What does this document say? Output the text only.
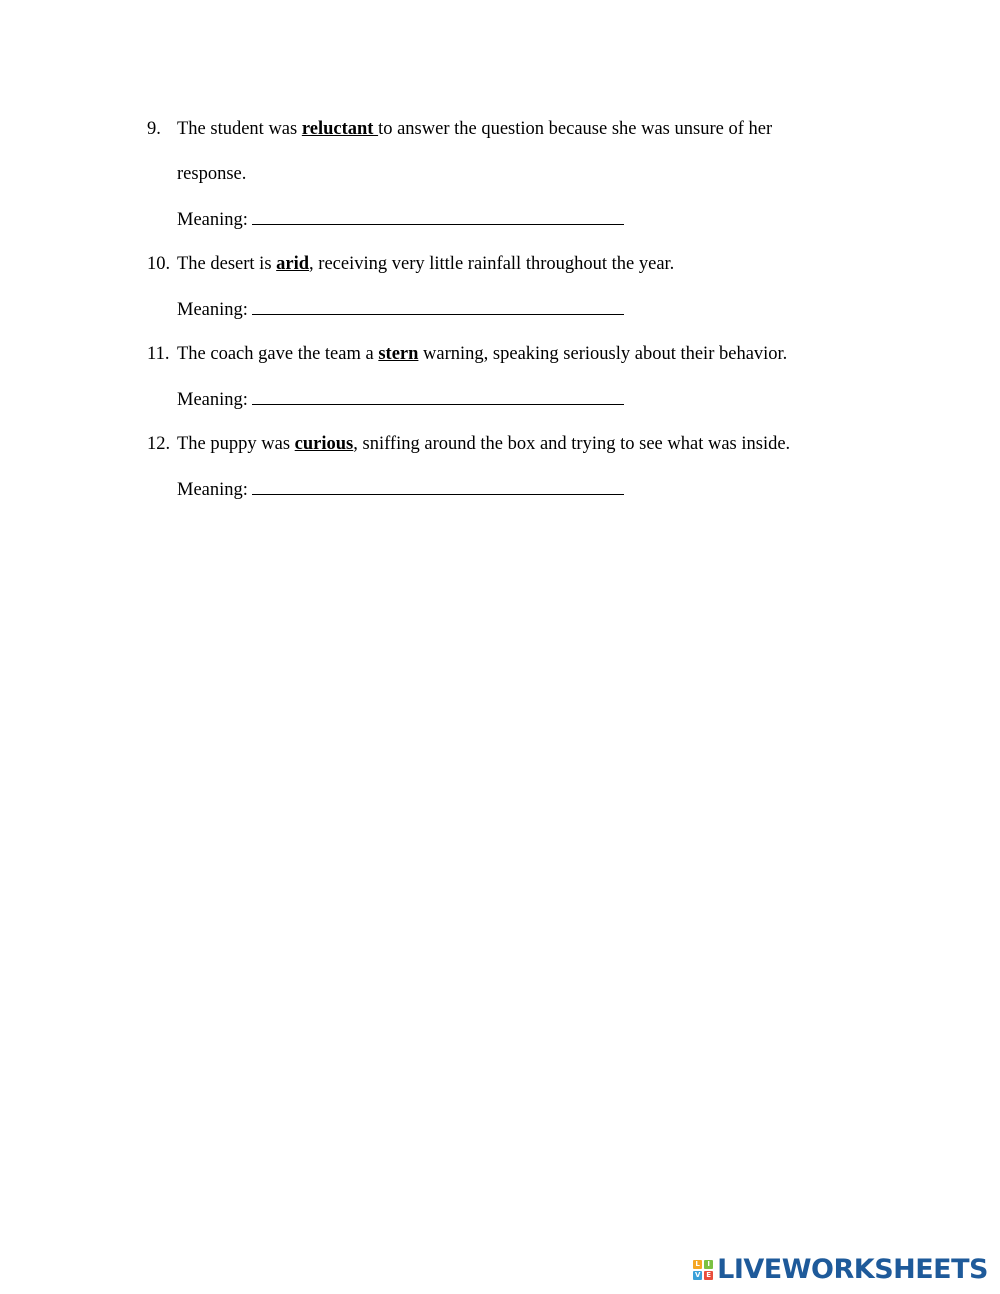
9. The student was reluctant to answer the question because she was unsure of her
response.
Meaning:
10. The desert is arid, receiving very little rainfall throughout the year.
Meaning:
11. The coach gave the team a stern warning, speaking seriously about their behavior.
Meaning:
12. The puppy was curious, sniffing around the box and trying to see what was inside.
Meaning:
L	I
V E LIVEWORKSHEETS
